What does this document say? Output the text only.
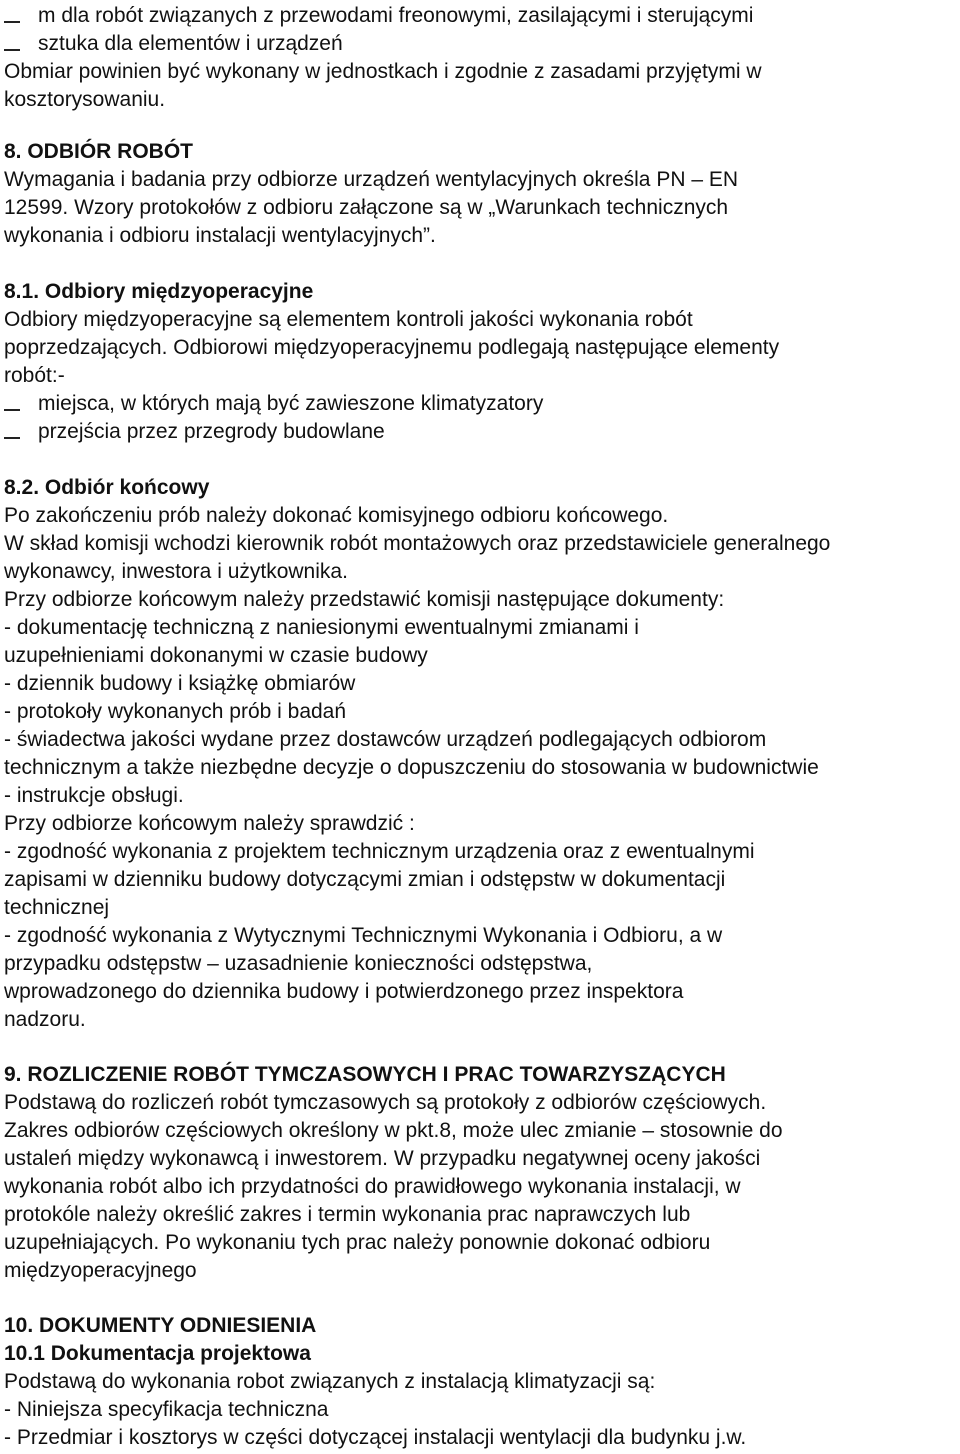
m dla robót związanych z przewodami freonowymi, zasilającymi i sterującymi
sztuka dla elementów i urządzeń
Obmiar powinien być wykonany w jednostkach i zgodnie z zasadami przyjętymi w
kosztorysowaniu.
8. ODBIÓR ROBÓT
Wymagania i badania przy odbiorze urządzeń wentylacyjnych określa PN – EN
12599. Wzory protokołów z odbioru załączone są w „Warunkach technicznych
wykonania i odbioru instalacji wentylacyjnych”.
8.1. Odbiory międzyoperacyjne
Odbiory międzyoperacyjne są elementem kontroli jakości wykonania robót
poprzedzających. Odbiorowi międzyoperacyjnemu podlegają następujące elementy
robót:-
miejsca, w których mają być zawieszone klimatyzatory
przejścia przez przegrody budowlane
8.2. Odbiór końcowy
Po zakończeniu prób należy dokonać komisyjnego odbioru końcowego.
W skład komisji wchodzi kierownik robót montażowych oraz przedstawiciele generalnego
wykonawcy, inwestora i użytkownika.
Przy odbiorze końcowym należy przedstawić komisji następujące dokumenty:
- dokumentację techniczną z naniesionymi ewentualnymi zmianami i
uzupełnieniami dokonanymi w czasie budowy
- dziennik budowy i książkę obmiarów
- protokoły wykonanych prób i badań
- świadectwa jakości wydane przez dostawców urządzeń podlegających odbiorom
technicznym a także niezbędne decyzje o dopuszczeniu do stosowania w budownictwie
- instrukcje obsługi.
Przy odbiorze końcowym należy sprawdzić :
- zgodność wykonania z projektem technicznym urządzenia oraz z ewentualnymi
zapisami w dzienniku budowy dotyczącymi zmian i odstępstw w dokumentacji
technicznej
- zgodność wykonania z Wytycznymi Technicznymi Wykonania i Odbioru, a w
przypadku odstępstw – uzasadnienie konieczności odstępstwa,
wprowadzonego do dziennika budowy i potwierdzonego przez inspektora
nadzoru.
9. ROZLICZENIE ROBÓT TYMCZASOWYCH I PRAC TOWARZYSZĄCYCH
Podstawą do rozliczeń robót tymczasowych są protokoły z odbiorów częściowych.
Zakres odbiorów częściowych określony w pkt.8, może ulec zmianie – stosownie do
ustaleń między wykonawcą i inwestorem. W przypadku negatywnej oceny jakości
wykonania robót albo ich przydatności do prawidłowego wykonania instalacji, w
protokóle należy określić zakres i termin wykonania prac naprawczych lub
uzupełniających. Po wykonaniu tych prac należy ponownie dokonać odbioru
międzyoperacyjnego
10. DOKUMENTY ODNIESIENIA
10.1 Dokumentacja projektowa
Podstawą do wykonania robot związanych z instalacją klimatyzacji są:
- Niniejsza specyfikacja techniczna
- Przedmiar i kosztorys w części dotyczącej instalacji wentylacji dla budynku j.w.
